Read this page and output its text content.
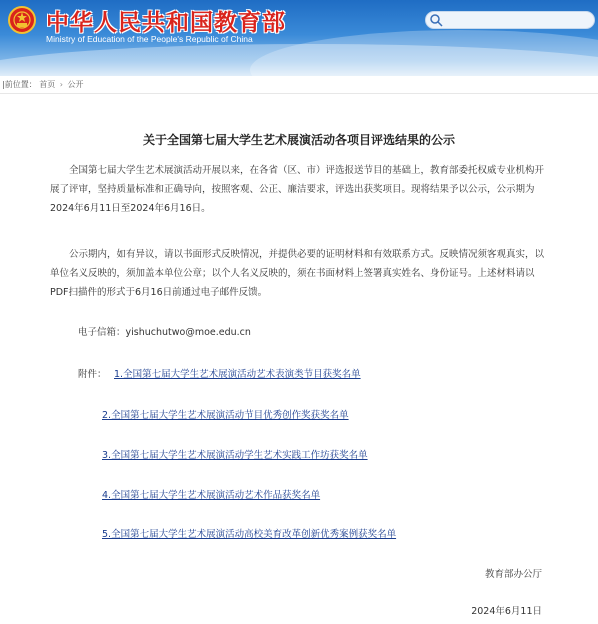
中华人民共和国教育部
Ministry of Education of the People's Republic of China
|前位置： 首页 › 公开
关于全国第七届大学生艺术展演活动各项目评选结果的公示
全国第七届大学生艺术展演活动开展以来，在各省（区、市）评选报送节目的基础上，教育部委托权威专业机构开展了评审，坚持质量标准和正确导向，按照客观、公正、廉洁要求，评选出获奖项目。现将结果予以公示，公示期为2024年6月11日至2024年6月16日。
公示期内，如有异议，请以书面形式反映情况，并提供必要的证明材料和有效联系方式。反映情况须客观真实，以单位名义反映的，须加盖本单位公章；以个人名义反映的，须在书面材料上签署真实姓名、身份证号。上述材料请以PDF扫描件的形式于6月16日前通过电子邮件反馈。
电子信箱：yishuchutwo@moe.edu.cn
附件： 1.全国第七届大学生艺术展演活动艺术表演类节目获奖名单
2.全国第七届大学生艺术展演活动节目优秀创作奖获奖名单
3.全国第七届大学生艺术展演活动学生艺术实践工作坊获奖名单
4.全国第七届大学生艺术展演活动艺术作品获奖名单
5.全国第七届大学生艺术展演活动高校美育改革创新优秀案例获奖名单
教育部办公厅
2024年6月11日
